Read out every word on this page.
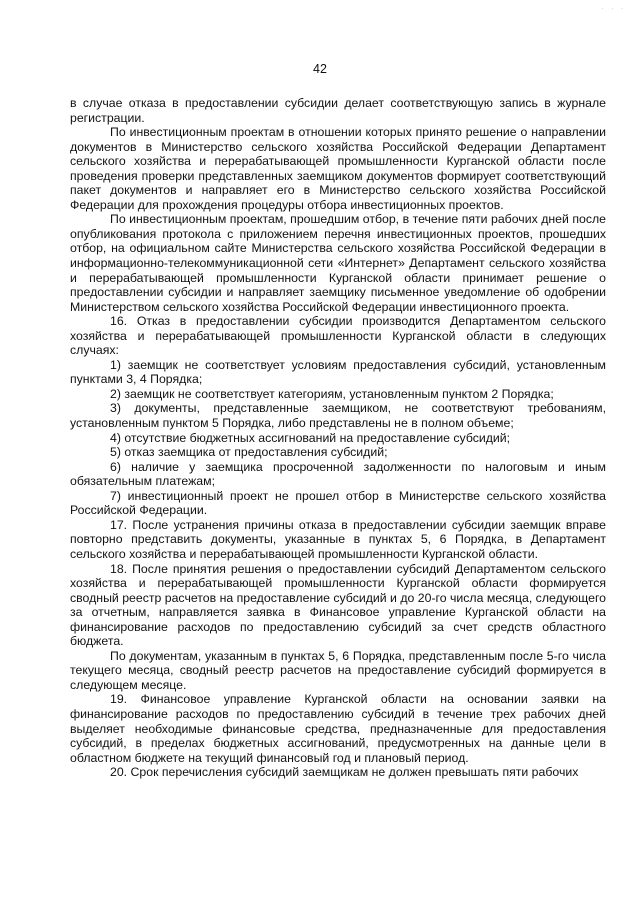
· · ·
42

в случае отказа в предоставлении субсидии делает соответствующую запись в журнале регистрации.

По инвестиционным проектам в отношении которых принято решение о направлении документов в Министерство сельского хозяйства Российской Федерации Департамент сельского хозяйства и перерабатывающей промышленности Курганской области после проведения проверки представленных заемщиком документов формирует соответствующий пакет документов и направляет его в Министерство сельского хозяйства Российской Федерации для прохождения процедуры отбора инвестиционных проектов.

По инвестиционным проектам, прошедшим отбор, в течение пяти рабочих дней после опубликования протокола с приложением перечня инвестиционных проектов, прошедших отбор, на официальном сайте Министерства сельского хозяйства Российской Федерации в информационно-телекоммуникационной сети «Интернет» Департамент сельского хозяйства и перерабатывающей промышленности Курганской области принимает решение о предоставлении субсидии и направляет заемщику письменное уведомление об одобрении Министерством сельского хозяйства Российской Федерации инвестиционного проекта.

16. Отказ в предоставлении субсидии производится Департаментом сельского хозяйства и перерабатывающей промышленности Курганской области в следующих случаях:

1) заемщик не соответствует условиям предоставления субсидий, установленным пунктами 3, 4 Порядка;

2) заемщик не соответствует категориям, установленным пунктом 2 Порядка;

3) документы, представленные заемщиком, не соответствуют требованиям, установленным пунктом 5 Порядка, либо представлены не в полном объеме;

4) отсутствие бюджетных ассигнований на предоставление субсидий;

5) отказ заемщика от предоставления субсидий;

6) наличие у заемщика просроченной задолженности по налоговым и иным обязательным платежам;

7) инвестиционный проект не прошел отбор в Министерстве сельского хозяйства Российской Федерации.

17. После устранения причины отказа в предоставлении субсидии заемщик вправе повторно представить документы, указанные в пунктах 5, 6 Порядка, в Департамент сельского хозяйства и перерабатывающей промышленности Курганской области.

18. После принятия решения о предоставлении субсидий Департаментом сельского хозяйства и перерабатывающей промышленности Курганской области формируется сводный реестр расчетов на предоставление субсидий и до 20-го числа месяца, следующего за отчетным, направляется заявка в Финансовое управление Курганской области на финансирование расходов по предоставлению субсидий за счет средств областного бюджета.

По документам, указанным в пунктах 5, 6 Порядка, представленным после 5-го числа текущего месяца, сводный реестр расчетов на предоставление субсидий формируется в следующем месяце.

19. Финансовое управление Курганской области на основании заявки на финансирование расходов по предоставлению субсидий в течение трех рабочих дней выделяет необходимые финансовые средства, предназначенные для предоставления субсидий, в пределах бюджетных ассигнований, предусмотренных на данные цели в областном бюджете на текущий финансовый год и плановый период.

20. Срок перечисления субсидий заемщикам не должен превышать пяти рабочих
